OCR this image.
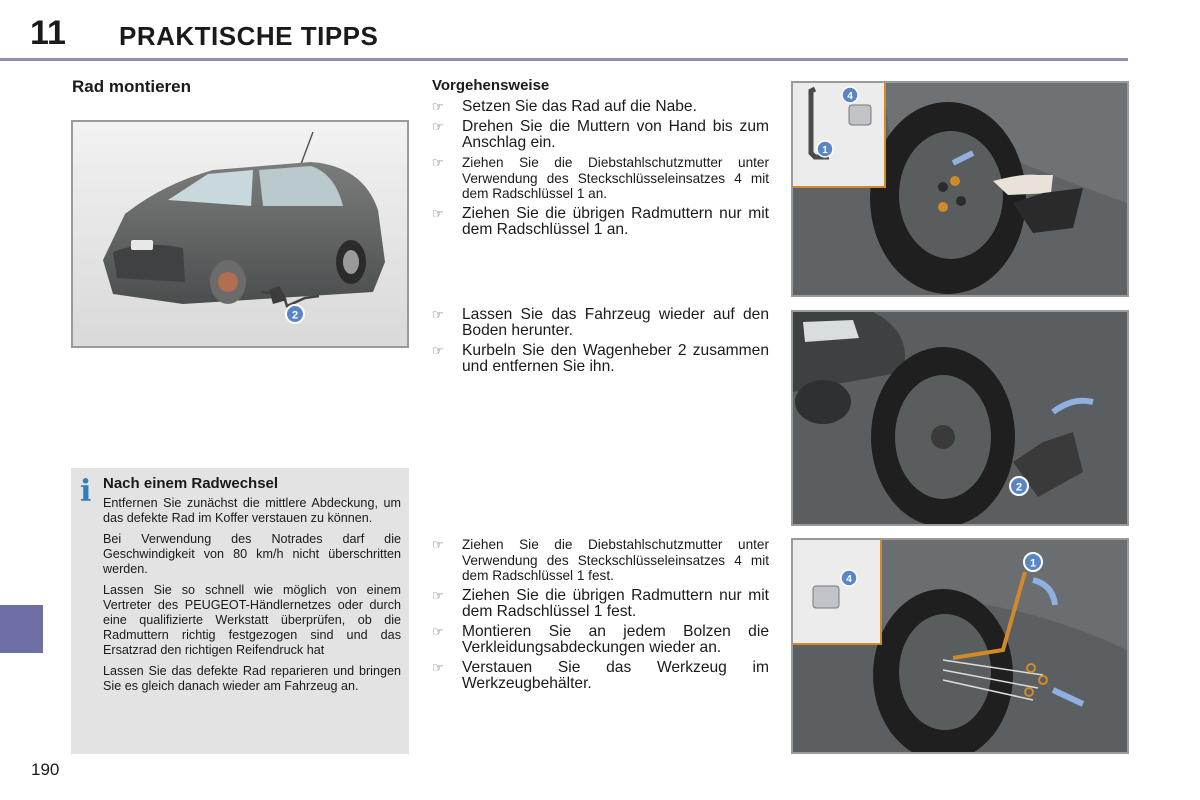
11 PRAKTISCHE TIPPS
190
Rad montieren
2
i Nach einem Radwechsel

Entfernen Sie zunächst die mittlere Abdeckung, um das defekte Rad im Koffer verstauen zu können.

Bei Verwendung des Notrades darf die Geschwindigkeit von 80 km/h nicht überschritten werden.

Lassen Sie so schnell wie möglich von einem Vertreter des PEUGEOT-Händlernetzes oder durch eine qualifizierte Werkstatt überprüfen, ob die Radmuttern richtig festgezogen sind und das Ersatzrad den richtigen Reifendruck hat

Lassen Sie das defekte Rad reparieren und bringen Sie es gleich danach wieder am Fahrzeug an.

Vorgehensweise
☞ Setzen Sie das Rad auf die Nabe.
☞ Drehen Sie die Muttern von Hand bis zum Anschlag ein.
☞ Ziehen Sie die Diebstahlschutzmutter unter Verwendung des Steckschlüsseleinsatzes 4 mit dem Radschlüssel 1 an.
☞ Ziehen Sie die übrigen Radmuttern nur mit dem Radschlüssel 1 an.
☞ Lassen Sie das Fahrzeug wieder auf den Boden herunter.
☞ Kurbeln Sie den Wagenheber 2 zusammen und entfernen Sie ihn.
☞ Ziehen Sie die Diebstahlschutzmutter unter Verwendung des Steckschlüsseleinsatzes 4 mit dem Radschlüssel 1 fest.
☞ Ziehen Sie die übrigen Radmuttern nur mit dem Radschlüssel 1 fest.
☞ Montieren Sie an jedem Bolzen die Verkleidungsabdeckungen wieder an.
☞ Verstauen Sie das Werkzeug im Werkzeugbehälter.
4
1
2
1
4
